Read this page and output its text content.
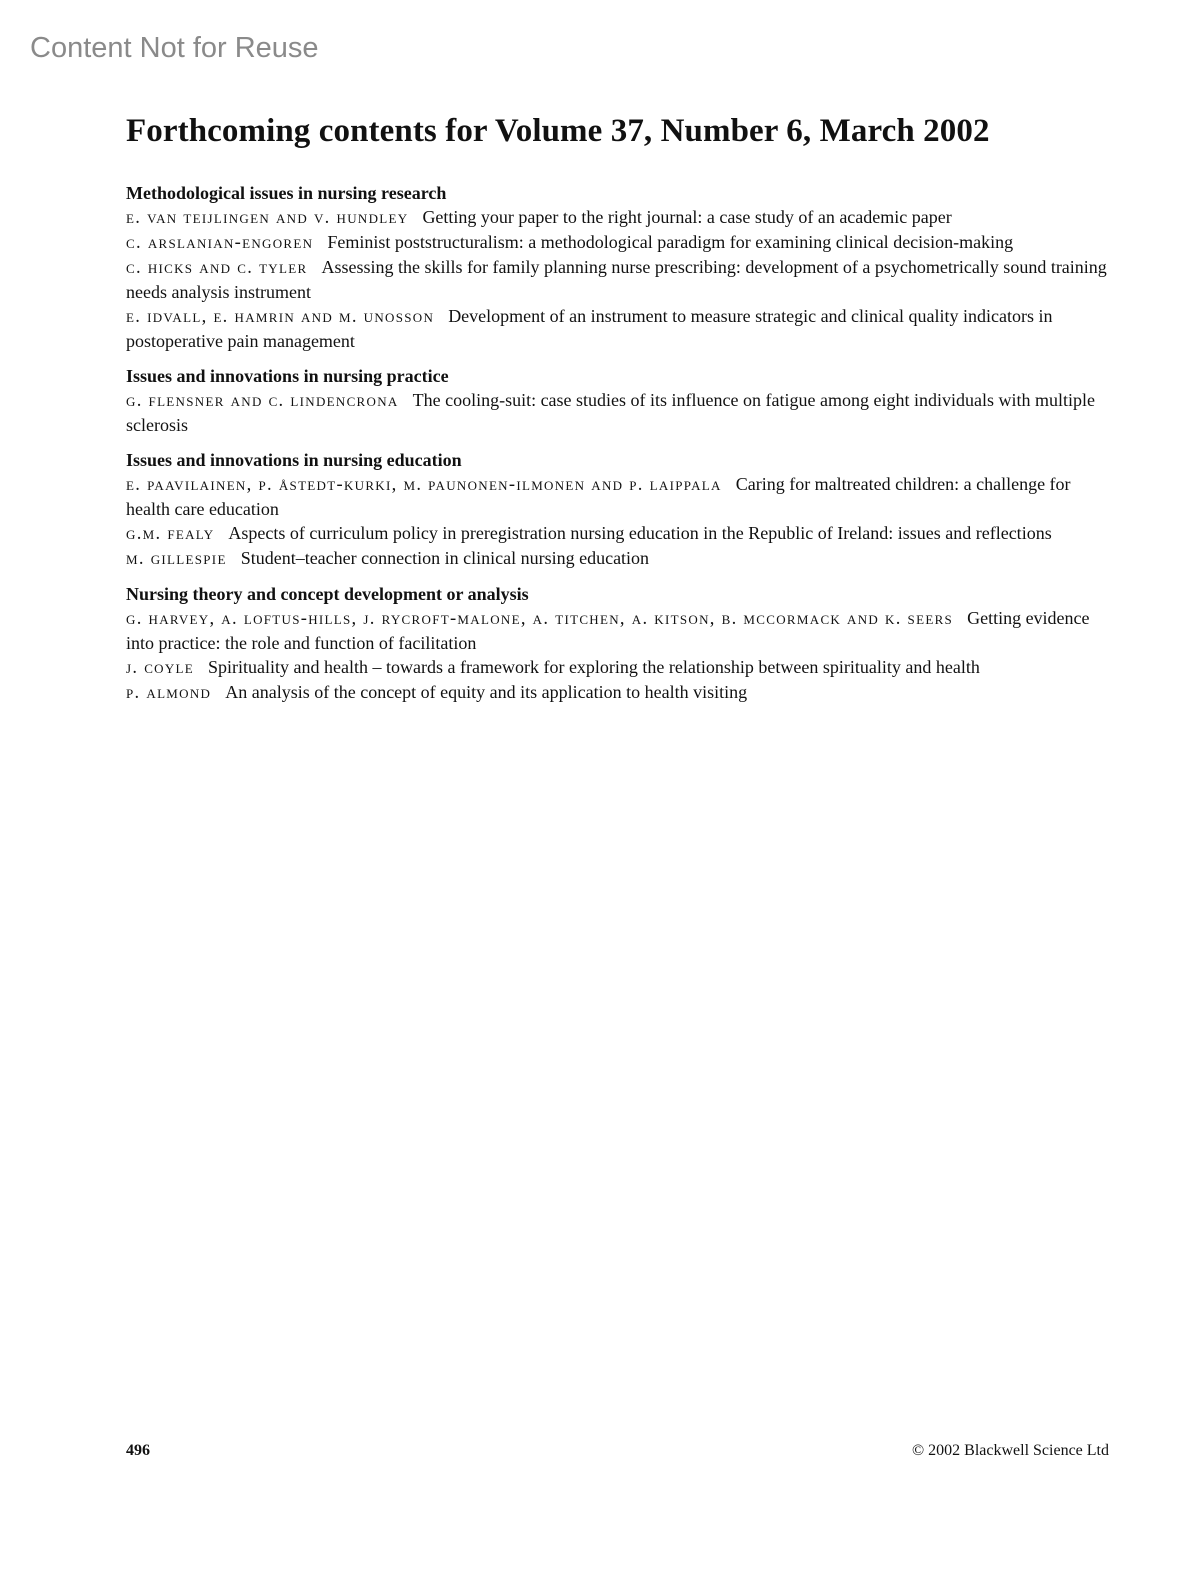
Content Not for Reuse
Forthcoming contents for Volume 37, Number 6, March 2002
Methodological issues in nursing research
e. van teijlingen and v. hundley Getting your paper to the right journal: a case study of an academic paper
c. arslanian-engoren Feminist poststructuralism: a methodological paradigm for examining clinical decision-making
c. hicks and c. tyler Assessing the skills for family planning nurse prescribing: development of a psychometrically sound training needs analysis instrument
e. idvall, e. hamrin and m. unosson Development of an instrument to measure strategic and clinical quality indicators in postoperative pain management
Issues and innovations in nursing practice
g. flensner and c. lindencrona The cooling-suit: case studies of its influence on fatigue among eight individuals with multiple sclerosis
Issues and innovations in nursing education
e. paavilainen, p. åstedt-kurki, m. paunonen-ilmonen and p. laippala Caring for maltreated children: a challenge for health care education
g.m. fealy Aspects of curriculum policy in preregistration nursing education in the Republic of Ireland: issues and reflections
m. gillespie Student–teacher connection in clinical nursing education
Nursing theory and concept development or analysis
g. harvey, a. loftus-hills, j. rycroft-malone, a. titchen, a. kitson, b. mccormack and k. seers Getting evidence into practice: the role and function of facilitation
j. coyle Spirituality and health – towards a framework for exploring the relationship between spirituality and health
p. almond An analysis of the concept of equity and its application to health visiting
496	© 2002 Blackwell Science Ltd
